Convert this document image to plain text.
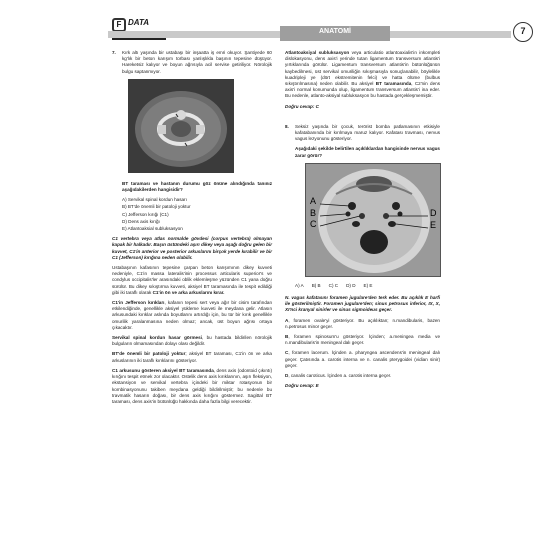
F DATA
ANATOMİ	7
7.	Kırk altı yaşında bir ustabaşı bir inşaatta iş emri okuyor. Şantiyede 60 kg'lık bir beton karışım torbası yanlışlıkla başının tepesine düşüyor. Hareketsiz kalıyor ve boyun ağrısıyla acil servise getiriliyor. Nörolojik bulgu saptanmıyor.

BT taraması ve hastanın durumu göz önüne alındığında tanınız aşağıdakilerden hangisidir?

A) Servikal spinal kordun hasarı
B) BT'de önemli bir patoloji yoktur
C) Jefferson kırığı (C1)
D) Dens axis kırığı
E) Atlantoaksial subluksasyon

C1 vertebra veya atlas normalde gövdesi (corpus vertebra) olmayan kapak bir halkadır. Başın üstündeki aşırı dikey veya aşağı doğru gelen bir kuvvet, C1'in anterior ve posterior arkuslarını birçok yerde kırabilir ve bir C1 (Jefferson) kırığına neden olabilir.

Ustabaşının kafasının tepesine çarpan beton karışımının dikey kuvveti nedeniyle, C1'in massa lateralis'inin processus articularis superior's ve condylus occipitalis'ler arasındaki oblik eklemleşme yüzünden C1 yana doğru sürülür. Bu dikey sıkıştırma kuvveti, aksiyel BT taramasında ile tespit edildiği gibi iki taraflı olarak C1'in ön ve arka arkuslarını kırar.

C1'in Jefferson kırıkları, kafanın tepesi sert veya ağır bir cisim tarafından etkilendiğinde, genellikle aksiyel yükleme kuvveti ile meydana gelir. Atlasın arkusundaki kırıklar aslında boyutlarını artırdığı için, bu tür bir kırık genellikle omurilik yaralanmasına neden olmaz; ancak, üst boyun ağrısı ortaya çıkacaktır.

Servikal spinal kordun hasar görmesi, bu hastada bildirilen nörolojik bulguların olmamasından dolayı olası değildir.

BT'de önemli bir patoloji yoktur; aksiyel BT taraması, C1'in ön ve arka arkuslarının iki taraflı kırıklarını gösteriyor.

C1 arkusunu gösteren aksiyel BT taramasında, dens axis (odontoid çıkıntı) kırığını tespit etmek zor olacaktır. Ostelik dens axis kırıklarının, aşırı fleksiyon, ekstansiyon ve servikal vertebra içindeki bir miktar rotasyonun bir kombinasyonunu takiben meydana geldiği bildirilmiştir; bu nedenle bu travmatik hasarın doğası, bir dens axis kırığını göstermez. Sagittal BT taraması, dens axis'in bütünlüğü hakkında daha fazla bilgi verecektir.

Atlantoaksiyal subluksasyon veya articulatio atlantoaxialis'in inkompleti dislokasyonu, dens axis'i yerinde tutan ligamentum transversum atlantis'i yırtıklarında görülür. Ligamentum transversum atlantis'in bütünlüğünün kaybedilmesi, üst servikal omuriliğin sıkışmasıyla sonuçlanabilir, böylelikle kuadripleji ye (dört ekstremitenin felci) ve hatta ölüme (bulbus sıkıştırılmasına) neden olabilir. Bu aksiyel BT taramasında, C2'nin dens axis'i normal konumunda olup, ligamentum transversum atlantis'i ina eder. Bu nedenle, atlanto-aksiyal subluksasyon bu hastada gerçekleşmemiştir.

Doğru cevap: C

8.	Seksiz yaşında bir çocuk, terörist bomba patlamasının etkisiyle kafatabanında bir kırılmaya maruz kalıyor. Kafatası travması, nervus vagus lezyonunu gösteriyor.

Aşağıdaki şekilde belirtilen açıklıklardan hangisinde nervus vagus zarar görür?

A
B
C
D
E
A) A B) B C) C D) D E) E

N. vagus kafatasını foramen jugulare'den terk eder. Bu açıklık E harfi ile gösterilmiştir. Foramen jugulare'den; sinus petrosus inferior, IX, X, XI'nci kranyal sinirler ve sinus sigmoideus geçer.

A, foramen ovale'yi gösteriyor. Bu açıklıktan; n.mandibularis, bazen n.petrosus minor geçer.

B, foramen spinosum'u gösteriyor. İçinden; a.meningea media ve n.mandibularis'in meningeal dalı geçer.

C, foramen lacerum. İçinden a. pharyngea ascendens'in meningeal dalı geçer. Çatısında a. carotis interna ve n. canalis pterygoidei (vidian sinir) geçer.

D, canalis caroticus. İçinden a. carotis interna geçer.

Doğru cevap: E
